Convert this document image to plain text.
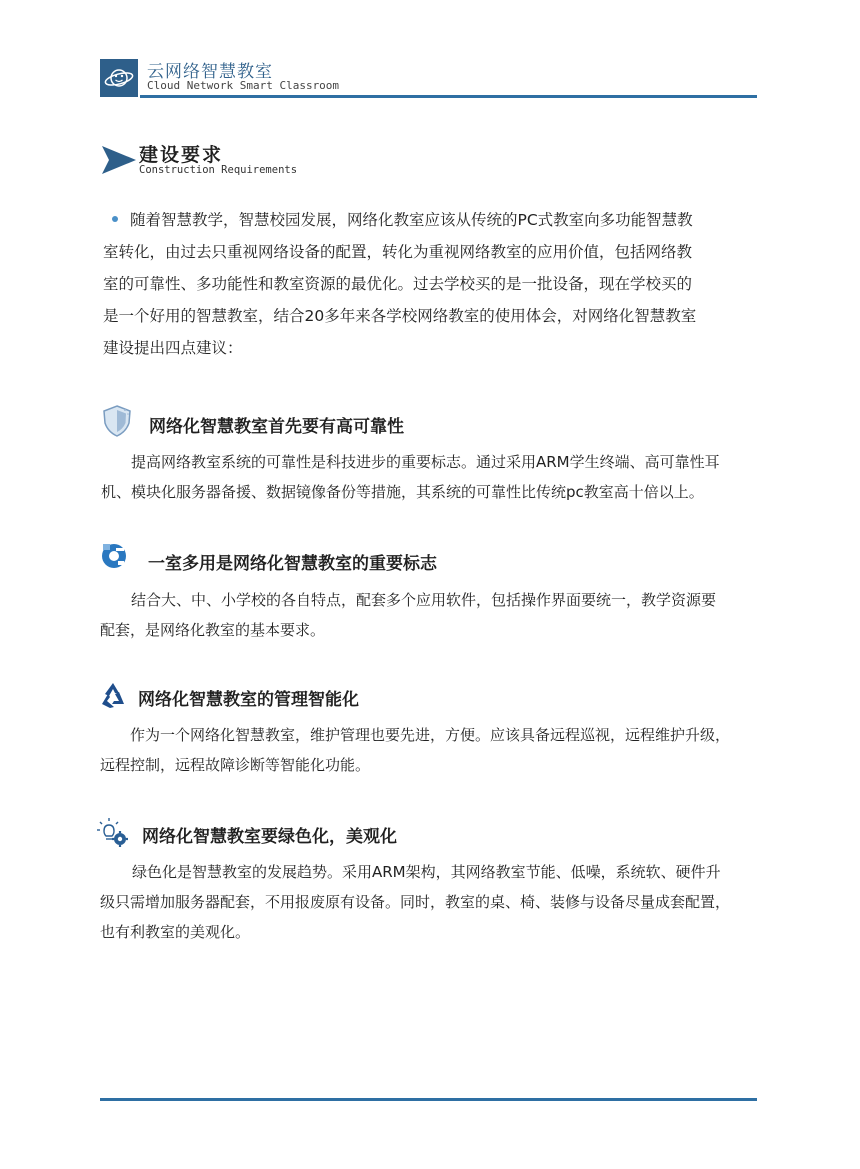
云网络智慧教室
Cloud Network Smart Classroom
建设要求
Construction Requirements
随着智慧教学，智慧校园发展，网络化教室应该从传统的PC式教室向多功能智慧教
室转化，由过去只重视网络设备的配置，转化为重视网络教室的应用价值，包括网络教
室的可靠性、多功能性和教室资源的最优化。过去学校买的是一批设备，现在学校买的
是一个好用的智慧教室，结合20多年来各学校网络教室的使用体会，对网络化智慧教室
建设提出四点建议：
网络化智慧教室首先要有高可靠性
提高网络教室系统的可靠性是科技进步的重要标志。通过采用ARM学生终端、高可靠性耳
机、模块化服务器备援、数据镜像备份等措施，其系统的可靠性比传统pc教室高十倍以上。
一室多用是网络化智慧教室的重要标志
结合大、中、小学校的各自特点，配套多个应用软件，包括操作界面要统一，教学资源要
配套，是网络化教室的基本要求。
网络化智慧教室的管理智能化
作为一个网络化智慧教室，维护管理也要先进，方便。应该具备远程巡视，远程维护升级，
远程控制，远程故障诊断等智能化功能。
网络化智慧教室要绿色化，美观化
绿色化是智慧教室的发展趋势。采用ARM架构，其网络教室节能、低噪，系统软、硬件升
级只需增加服务器配套，不用报废原有设备。同时，教室的桌、椅、装修与设备尽量成套配置，
也有利教室的美观化。
